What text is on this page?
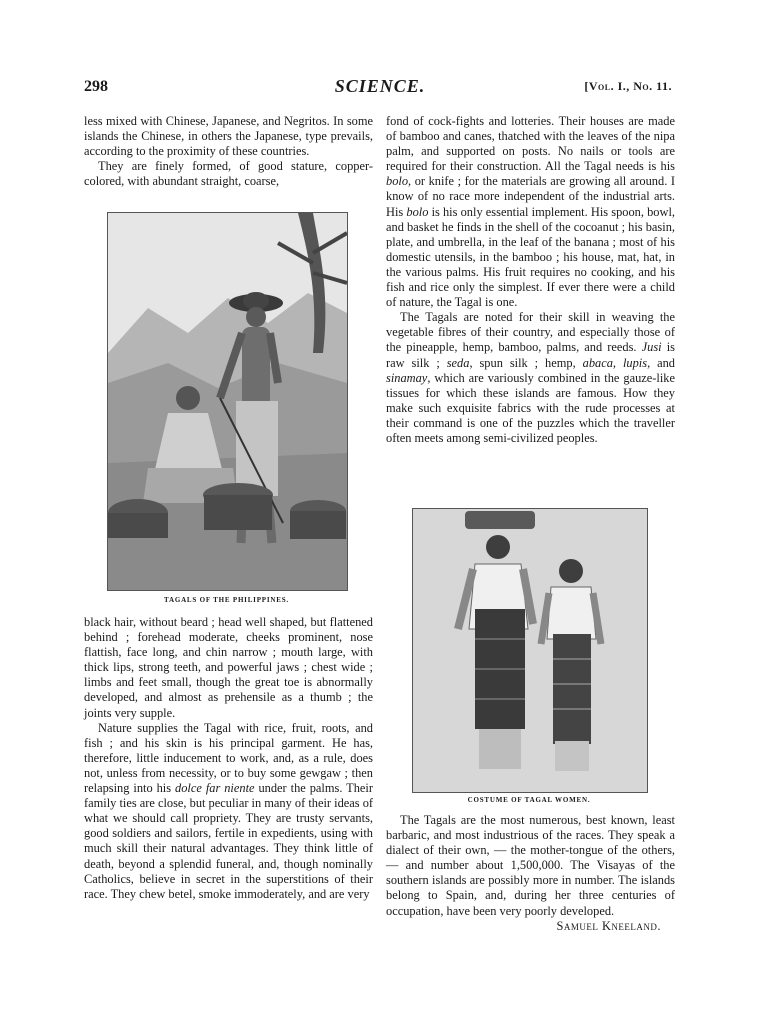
298	SCIENCE.	[Vol. I., No. 11.

less mixed with Chinese, Japanese, and Negritos. In some islands the Chinese, in others the Japanese, type prevails, according to the proximity of these countries.

They are finely formed, of good stature, copper-colored, with abundant straight, coarse,

TAGALS OF THE PHILIPPINES.

black hair, without beard ; head well shaped, but flattened behind ; forehead moderate, cheeks prominent, nose flattish, face long, and chin narrow ; mouth large, with thick lips, strong teeth, and powerful jaws ; chest wide ; limbs and feet small, though the great toe is abnormally developed, and almost as prehensile as a thumb ; the joints very supple.

Nature supplies the Tagal with rice, fruit, roots, and fish ; and his skin is his principal garment. He has, therefore, little inducement to work, and, as a rule, does not, unless from necessity, or to buy some gewgaw ; then relapsing into his dolce far niente under the palms. Their family ties are close, but peculiar in many of their ideas of what we should call propriety. They are trusty servants, good soldiers and sailors, fertile in expedients, using with much skill their natural advantages. They think little of death, beyond a splendid funeral, and, though nominally Catholics, believe in secret in the superstitions of their race. They chew betel, smoke immoderately, and are very

fond of cock-fights and lotteries. Their houses are made of bamboo and canes, thatched with the leaves of the nipa palm, and supported on posts. No nails or tools are required for their construction. All the Tagal needs is his bolo, or knife ; for the materials are growing all around. I know of no race more independent of the industrial arts. His bolo is his only essential implement. His spoon, bowl, and basket he finds in the shell of the cocoanut ; his basin, plate, and umbrella, in the leaf of the banana ; most of his domestic utensils, in the bamboo ; his house, mat, hat, in the various palms. His fruit requires no cooking, and his fish and rice only the simplest. If ever there were a child of nature, the Tagal is one.

The Tagals are noted for their skill in weaving the vegetable fibres of their country, and especially those of the pineapple, hemp, bamboo, palms, and reeds. Jusi is raw silk ; seda, spun silk ; hemp, abaca, lupis, and sinamay, which are variously combined in the gauze-like tissues for which these islands are famous. How they make such exquisite fabrics with the rude processes at their command is one of the puzzles which the traveller often meets among semi-civilized peoples.

COSTUME OF TAGAL WOMEN.

The Tagals are the most numerous, best known, least barbaric, and most industrious of the races. They speak a dialect of their own, — the mother-tongue of the others, — and number about 1,500,000. The Visayas of the southern islands are possibly more in number. The islands belong to Spain, and, during her three centuries of occupation, have been very poorly developed.
Samuel Kneeland.
